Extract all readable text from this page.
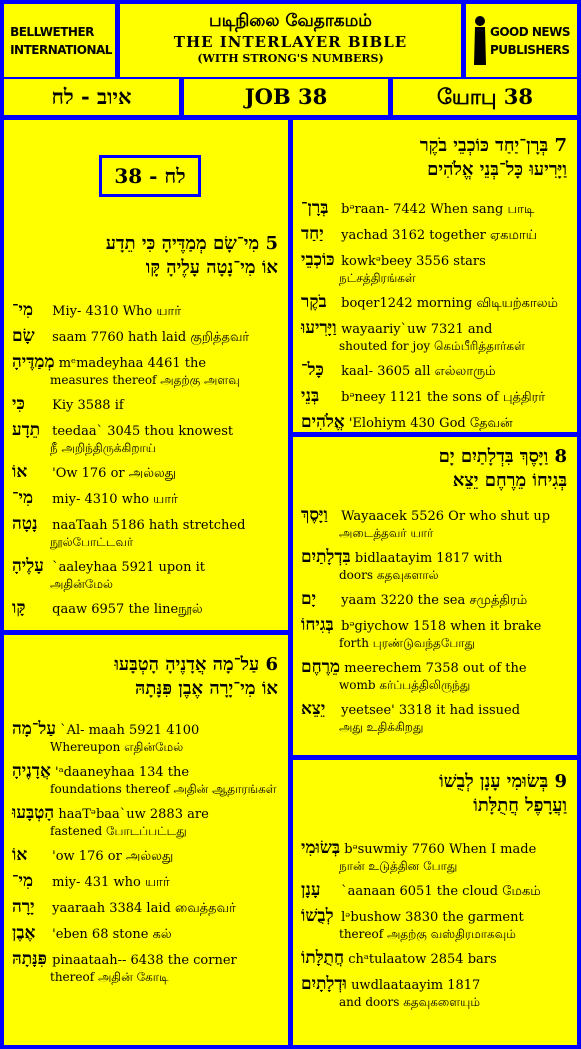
BELLWETHER
INTERNATIONAL
படிநிலை வேதாகமம்
THE INTERLAYER BIBLE
(WITH STRONG'S NUMBERS)
GOOD NEWS
PUBLISHERS
איוב - לח	JOB 38	யோபு 38
38 - לח
5 מִי־שָׂם מְמַדֶּיהָ כִּי תֵדָע
אוֹ מִי־נָטָה עָלֶיהָ קָּו
מִי־ Miy- 4310 Who யார்
שָׂם saam 7760 hath laid குறித்தவர்
מְמַדֶּיהָ mᵉmadeyhaa 4461 the
measures thereof அதற்கு அளவு
כִּי Kiy 3588 if
תֵדָע teedaa` 3045 thou knowest
நீ அறிந்திருக்கிறாய்
אוֹ 'Ow 176 or அல்லது
מִי־ miy- 4310 who யார்
נָטָה naaTaah 5186 hath stretched
நூல்போட்டவர்
עָלֶיהָ `aaleyhaa 5921 upon it
அதின்மேல்
קָּו qaaw 6957 the lineநூல்
6 עַל־מָה אֲדָנֶיהָ הָטְבָּעוּ
אוֹ מִי־יָרָה אֶבֶן פִּנָּתָהּ
עַל־מָה `Al- maah 5921 4100
Whereupon எதின்மேல்
אֲדָנֶיהָ 'ᵃdaaneyhaa 134 the
foundations thereof அதின் ஆதாரங்கள்
הָטְבָּעוּ haaTᵊbaa`uw 2883 are
fastened போடப்பட்டது
אוֹ 'ow 176 or அல்லது
מִי־ miy- 431 who யார்
יָרָה yaaraah 3384 laid வைத்தவர்
אֶבֶן 'eben 68 stone கல்
פִּנָּתָהּ pinaataah-- 6438 the corner
thereof அதின் கோடி
7 בְּרָן־יַחַד כּוֹכְבֵי בֹקֶר
וַיָּרִיעוּ כָּל־בְּנֵי אֱלֹהִים
בְּרָן־ bᵊraan- 7442 When sang பாடி
יַחַד yachad 3162 together ஏகமாய்
כּוֹכְבֵי kowkᵊbeey 3556 stars
நட்சத்திரங்கள்
בֹקֶר boqer1242 morning விடியற்காலம்
וַיָּרִיעוּ wayaariy`uw 7321 and
shouted for joy கெம்பீரித்தார்கள்
כָּל־ kaal- 3605 all எல்லாரும்
בְּנֵי bᵊneey 1121 the sons of புத்திரர்
אֱלֹהִים 'Elohiym 430 God தேவன்
8 וַיָּסֶךְ בִּדְלָתַיִם יָם
בְּגִיחוֹ מֵרֶחֶם יֵצֵא
וַיָּסֶךְ Wayaacek 5526 Or who shut up
அடைத்தவர் யார்
בִּדְלָתַיִם bidlaatayim 1817 with
doors கதவுகளால்
יָם yaam 3220 the sea சமுத்திரம்
בְּגִיחוֹ bᵊgiychow 1518 when it brake
forth புரண்டுவந்தபோது
מֵרֶחֶם meerechem 7358 out of the
womb கர்ப்பத்திலிருந்து
יֵצֵא yeetsee' 3318 it had issued
அது உதிக்கிறது
9 בְּשׂוּמִי עָנָן לְבֻשׁוֹ
וַעֲרָפֶל חֲתֻלָּתוֹ
בְּשׂוּמִי bᵊsuwmiy 7760 When I made
நான் உடுத்தின போது
עָנָן `aanaan 6051 the cloud மேகம்
לְבֻשׁוֹ lᵊbushow 3830 the garment
thereof அதற்கு வஸ்திரமாகவும்
חֲתֻלָּתוֹ chᵃtulaatow 2854 bars
וּדְלָתָיִם uwdlaataayim 1817
and doors கதவுகளையும்
